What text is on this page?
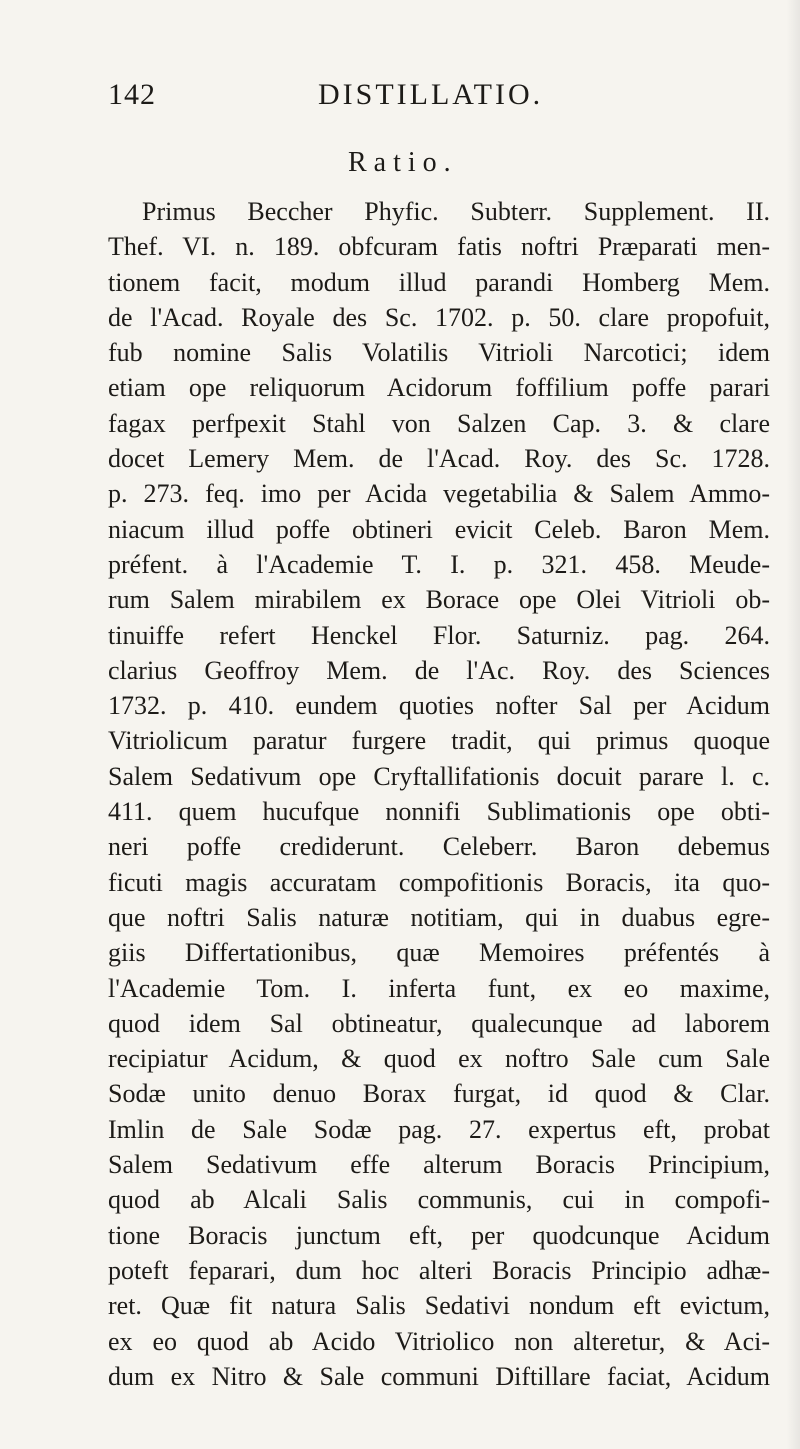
142	DISTILLATIO.
Ratio.
Primus Beccher Phyfic. Subterr. Supplement. II.
Thef. VI. n. 189. obfcuram fatis noftri Præparati men-
tionem facit, modum illud parandi Homberg Mem.
de l'Acad. Royale des Sc. 1702. p. 50. clare propofuit,
fub nomine Salis Volatilis Vitrioli Narcotici; idem
etiam ope reliquorum Acidorum foffilium poffe parari
fagax perfpexit Stahl von Salzen Cap. 3. & clare
docet Lemery Mem. de l'Acad. Roy. des Sc. 1728.
p. 273. feq. imo per Acida vegetabilia & Salem Ammo-
niacum illud poffe obtineri evicit Celeb. Baron Mem.
préfent. à l'Academie T. I. p. 321. 458. Meude-
rum Salem mirabilem ex Borace ope Olei Vitrioli ob-
tinuiffe refert Henckel Flor. Saturniz. pag. 264.
clarius Geoffroy Mem. de l'Ac. Roy. des Sciences
1732. p. 410. eundem quoties nofter Sal per Acidum
Vitriolicum paratur furgere tradit, qui primus quoque
Salem Sedativum ope Cryftallifationis docuit parare l. c.
411. quem hucufque nonnifi Sublimationis ope obti-
neri poffe crediderunt. Celeberr. Baron debemus
ficuti magis accuratam compofitionis Boracis, ita quo-
que noftri Salis naturæ notitiam, qui in duabus egre-
giis Differtationibus, quæ Memoires préfentés à
l'Academie Tom. I. inferta funt, ex eo maxime,
quod idem Sal obtineatur, qualecunque ad laborem
recipiatur Acidum, & quod ex noftro Sale cum Sale
Sodæ unito denuo Borax furgat, id quod & Clar.
Imlin de Sale Sodæ pag. 27. expertus eft, probat
Salem Sedativum effe alterum Boracis Principium,
quod ab Alcali Salis communis, cui in compofi-
tione Boracis junctum eft, per quodcunque Acidum
poteft feparari, dum hoc alteri Boracis Principio adhæ-
ret. Quæ fit natura Salis Sedativi nondum eft evictum,
ex eo quod ab Acido Vitriolico non alteretur, & Aci-
dum ex Nitro & Sale communi Diftillare faciat, Acidum
